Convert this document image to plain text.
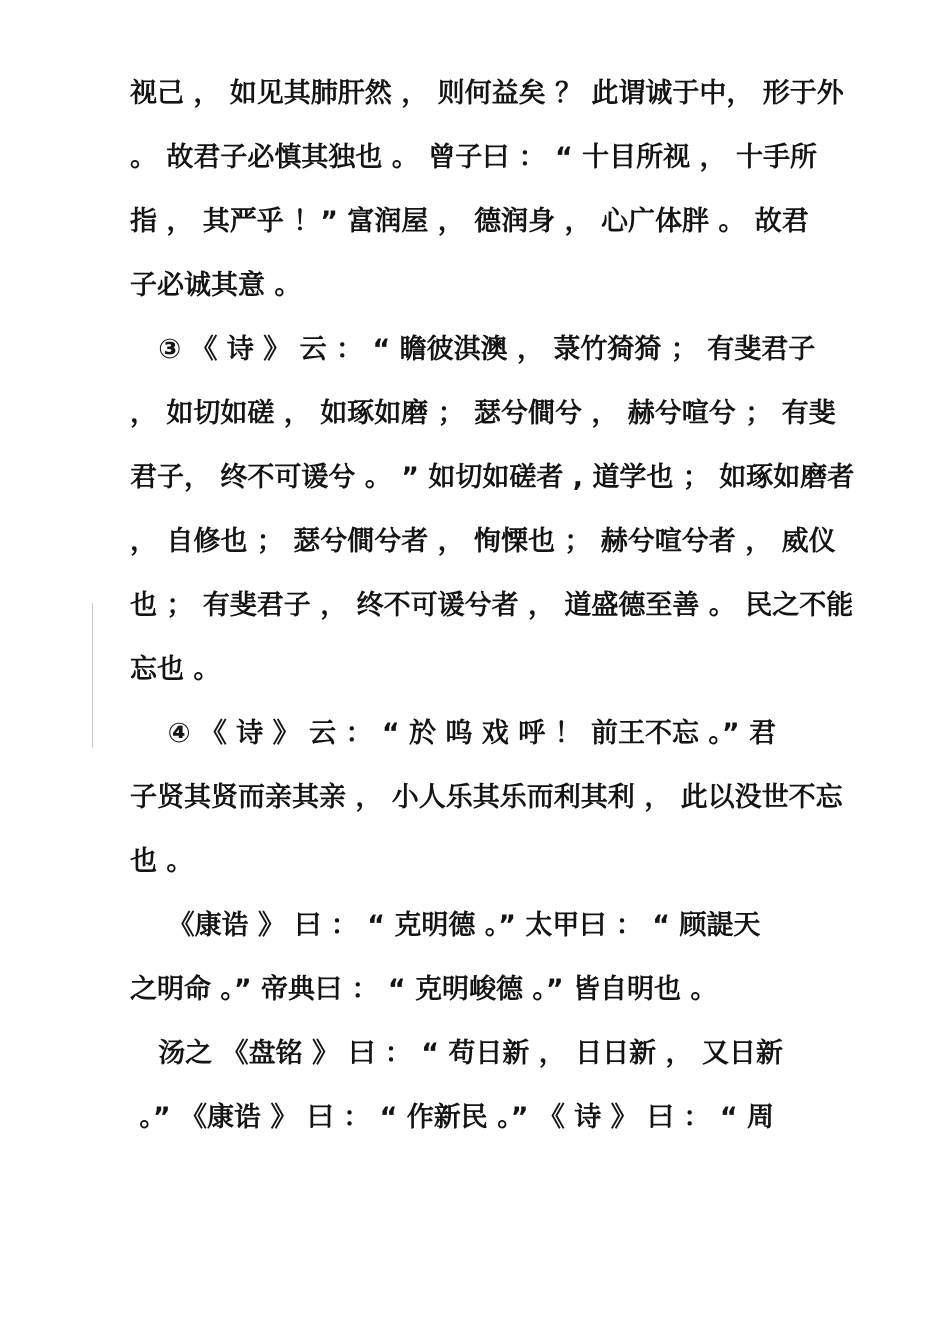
视己 ， 如见其肺肝然 ， 则何益矣 ？ 此谓诚于中， 形于外
。 故君子必慎其独也 。 曾子曰 ： “ 十目所视 ， 十手所
指 ， 其严乎 ！” 富润屋 ， 德润身 ， 心广体胖 。 故君
子必诚其意 。
③ 《 诗 》 云 ： “ 瞻彼淇澳 ， 菉竹猗猗 ； 有斐君子
， 如切如磋 ， 如琢如磨 ； 瑟兮僴兮 ， 赫兮喧兮 ； 有斐
君子， 终不可谖兮 。 ” 如切如磋者 , 道学也 ； 如琢如磨者
， 自修也 ； 瑟兮僴兮者 ， 恂慄也 ； 赫兮喧兮者 ， 威仪
也 ； 有斐君子 ， 终不可谖兮者 ， 道盛德至善 。 民之不能
忘也 。
④ 《 诗 》 云 ： “ 於 呜 戏 呼 ！ 前王不忘 。” 君
子贤其贤而亲其亲 ， 小人乐其乐而利其利 ， 此以没世不忘
也 。
《康诰 》 曰 ： “ 克明德 。” 太甲曰 ： “ 顾諟天
之明命 。” 帝典曰 ： “ 克明峻德 。” 皆自明也 。
汤之 《盘铭 》 曰 ： “ 苟日新 ， 日日新 ， 又日新
。” 《康诰 》 曰 ： “ 作新民 。” 《 诗 》 曰 ： “ 周
